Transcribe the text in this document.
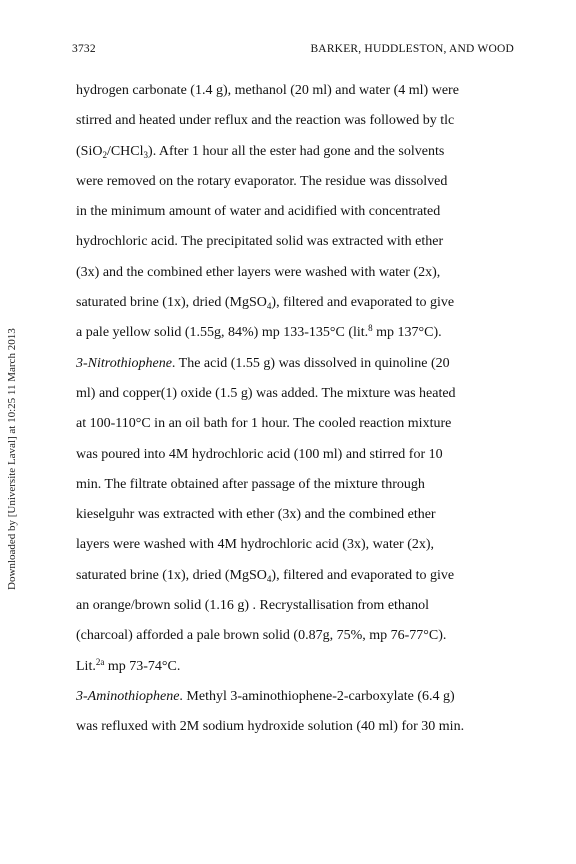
3732	BARKER, HUDDLESTON, AND WOOD
Downloaded by [Universite Laval] at 10:25 11 March 2013
hydrogen carbonate (1.4 g), methanol (20 ml) and water (4 ml) were
stirred and heated under reflux and the reaction was followed by tlc
(SiO$_2$/CHCl$_3$). After 1 hour all the ester had gone and the solvents
were removed on the rotary evaporator. The residue was dissolved
in the minimum amount of water and acidified with concentrated
hydrochloric acid. The precipitated solid was extracted with ether
(3x) and the combined ether layers were washed with water (2x),
saturated brine (1x), dried (MgSO$_4$), filtered and evaporated to give
a pale yellow solid (1.55g, 84%) mp 133-135°C (lit.$^8$ mp 137°C).
3-Nitrothiophene. The acid (1.55 g) was dissolved in quinoline (20
ml) and copper(1) oxide (1.5 g) was added. The mixture was heated
at 100-110°C in an oil bath for 1 hour. The cooled reaction mixture
was poured into 4M hydrochloric acid (100 ml) and stirred for 10
min. The filtrate obtained after passage of the mixture through
kieselguhr was extracted with ether (3x) and the combined ether
layers were washed with 4M hydrochloric acid (3x), water (2x),
saturated brine (1x), dried (MgSO$_4$), filtered and evaporated to give
an orange/brown solid (1.16 g) . Recrystallisation from ethanol
(charcoal) afforded a pale brown solid (0.87g, 75%, mp 76-77°C).
Lit.$^{2a}$ mp 73-74°C.
3-Aminothiophene. Methyl 3-aminothiophene-2-carboxylate (6.4 g)
was refluxed with 2M sodium hydroxide solution (40 ml) for 30 min.
